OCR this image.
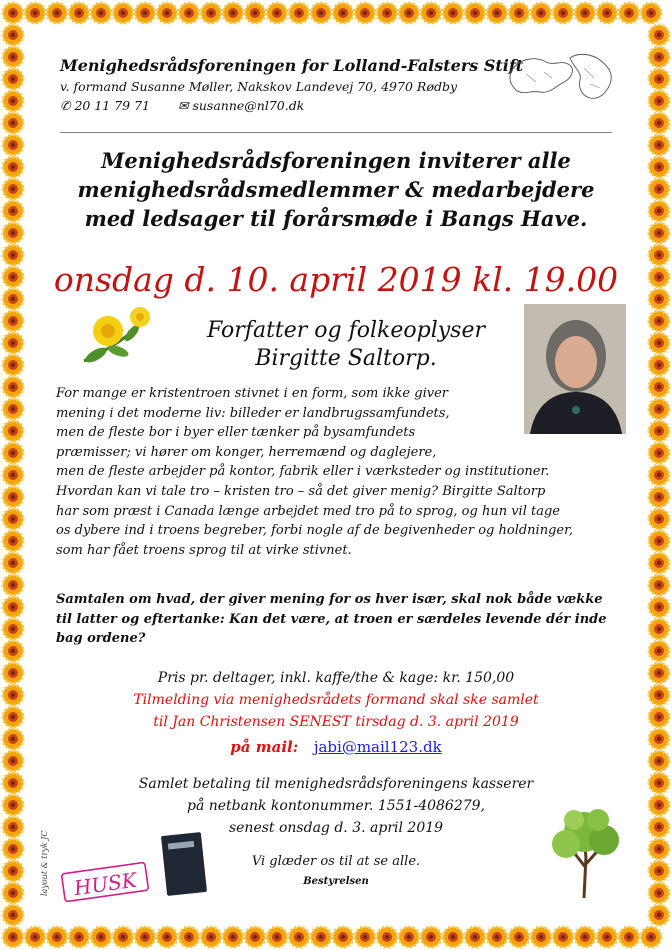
Menighedsrådsforeningen for Lolland-Falsters Stift
v. formand Susanne Møller, Nakskov Landevej 70, 4970 Rødby
✆ 20 11 79 71 ✉ susanne@nl70.dk
Menighedsrådsforeningen inviterer alle
menighedsrådsmedlemmer & medarbejdere
med ledsager til forårsmøde i Bangs Have.
onsdag d. 10. april 2019 kl. 19.00
Forfatter og folkeoplyser
Birgitte Saltorp.
For mange er kristentroen stivnet i en form, som ikke giver
mening i det moderne liv: billeder er landbrugssamfundets,
men de fleste bor i byer eller tænker på bysamfundets
præmisser; vi hører om konger, herremænd og daglejere,
men de fleste arbejder på kontor, fabrik eller i værksteder og institutioner.
Hvordan kan vi tale tro – kristen tro – så det giver menig? Birgitte Saltorp
har som præst i Canada længe arbejdet med tro på to sprog, og hun vil tage
os dybere ind i troens begreber, forbi nogle af de begivenheder og holdninger,
som har fået troens sprog til at virke stivnet.
Samtalen om hvad, der giver mening for os hver især, skal nok både vække
til latter og eftertanke: Kan det være, at troen er særdeles levende dér inde
bag ordene?
Pris pr. deltager, inkl. kaffe/the & kage: kr. 150,00
Tilmelding via menighedsrådets formand skal ske samlet
til Jan Christensen SENEST tirsdag d. 3. april 2019
på mail: jabi@mail123.dk
Samlet betaling til menighedsrådsforeningens kasserer
på netbank kontonummer. 1551-4086279,
senest onsdag d. 3. april 2019
Vi glæder os til at se alle.
Bestyrelsen
HUSK
layout & tryk JC
